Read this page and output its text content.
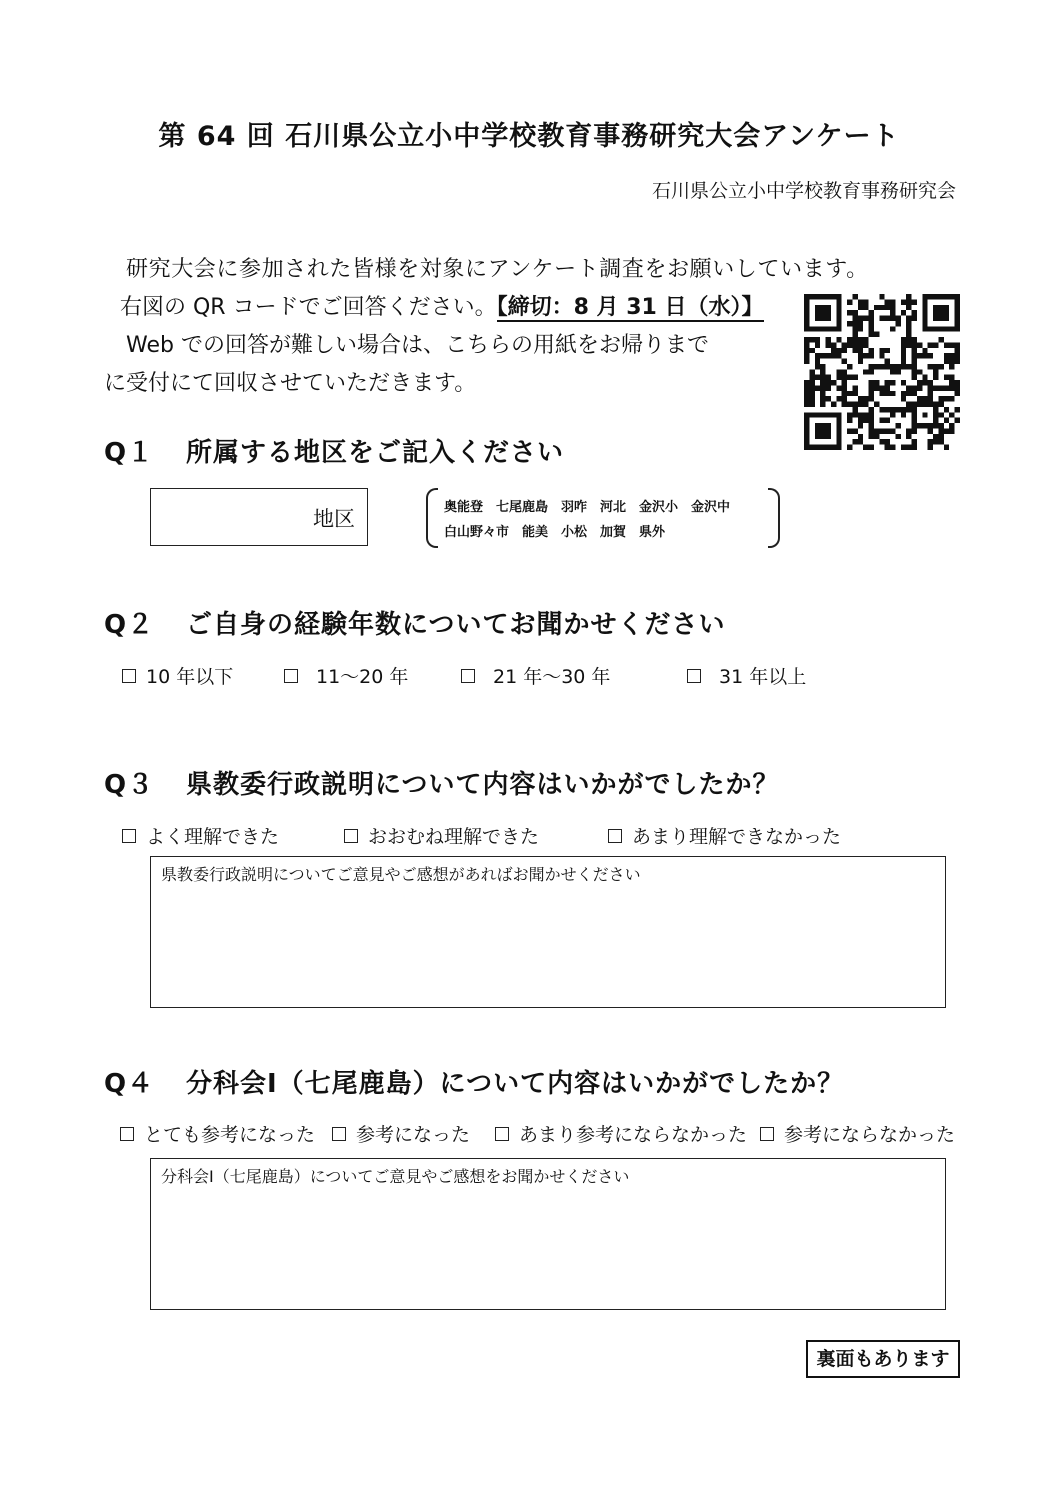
第 64 回 石川県公立小中学校教育事務研究大会アンケート
石川県公立小中学校教育事務研究会
研究大会に参加された皆様を対象にアンケート調査をお願いしています。
右図の QR コードでご回答ください。【締切：8 月 31 日（水）】
Web での回答が難しい場合は、こちらの用紙をお帰りまで
に受付にて回収させていただきます。
Q１ 所属する地区をご記入ください
地区	奥能登　七尾鹿島　羽咋　河北　金沢小　金沢中
白山野々市　能美　小松　加賀　県外
Q２ ご自身の経験年数についてお聞かせください
10 年以下	11～20 年	21 年～30 年	31 年以上
Q３ 県教委行政説明について内容はいかがでしたか？
よく理解できた	おおむね理解できた	あまり理解できなかった
県教委行政説明についてご意見やご感想があればお聞かせください
Q４ 分科会Ⅰ（七尾鹿島）について内容はいかがでしたか？
とても参考になった	参考になった	あまり参考にならなかった	参考にならなかった
分科会Ⅰ（七尾鹿島）についてご意見やご感想をお聞かせください
裏面もあります
